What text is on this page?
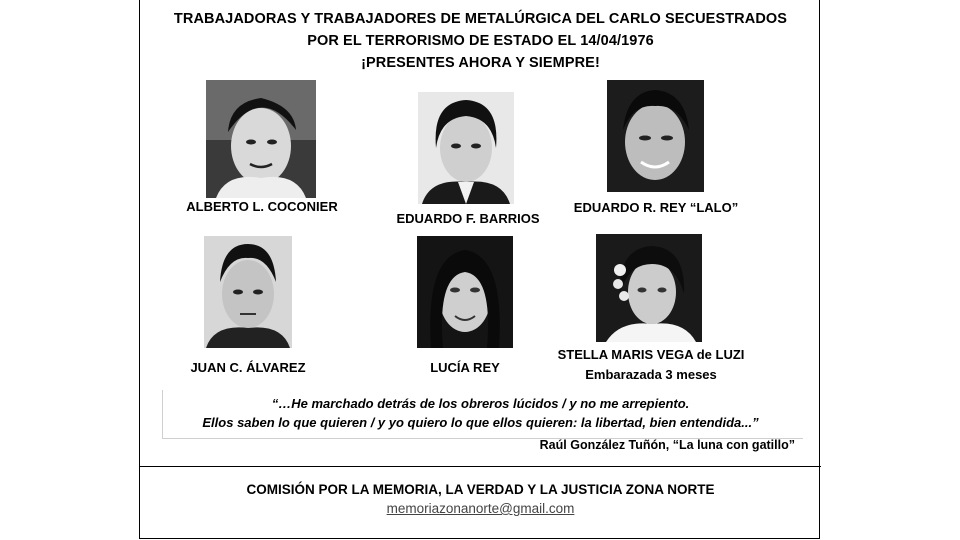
TRABAJADORAS Y TRABAJADORES DE METALÚRGICA DEL CARLO SECUESTRADOS
POR EL TERRORISMO DE ESTADO EL 14/04/1976
¡PRESENTES AHORA Y SIEMPRE!
ALBERTO L. COCONIER
EDUARDO F. BARRIOS
EDUARDO R. REY “LALO”
JUAN C. ÁLVAREZ	LUCÍA REY
STELLA MARIS VEGA de LUZI
Embarazada 3 meses
“…He marchado detrás de los obreros lúcidos / y no me arrepiento.
Ellos saben lo que quieren / y yo quiero lo que ellos quieren: la libertad, bien entendida...”
Raúl González Tuñón, “La luna con gatillo”
COMISIÓN POR LA MEMORIA, LA VERDAD Y LA JUSTICIA ZONA NORTE
memoriazonanorte@gmail.com
